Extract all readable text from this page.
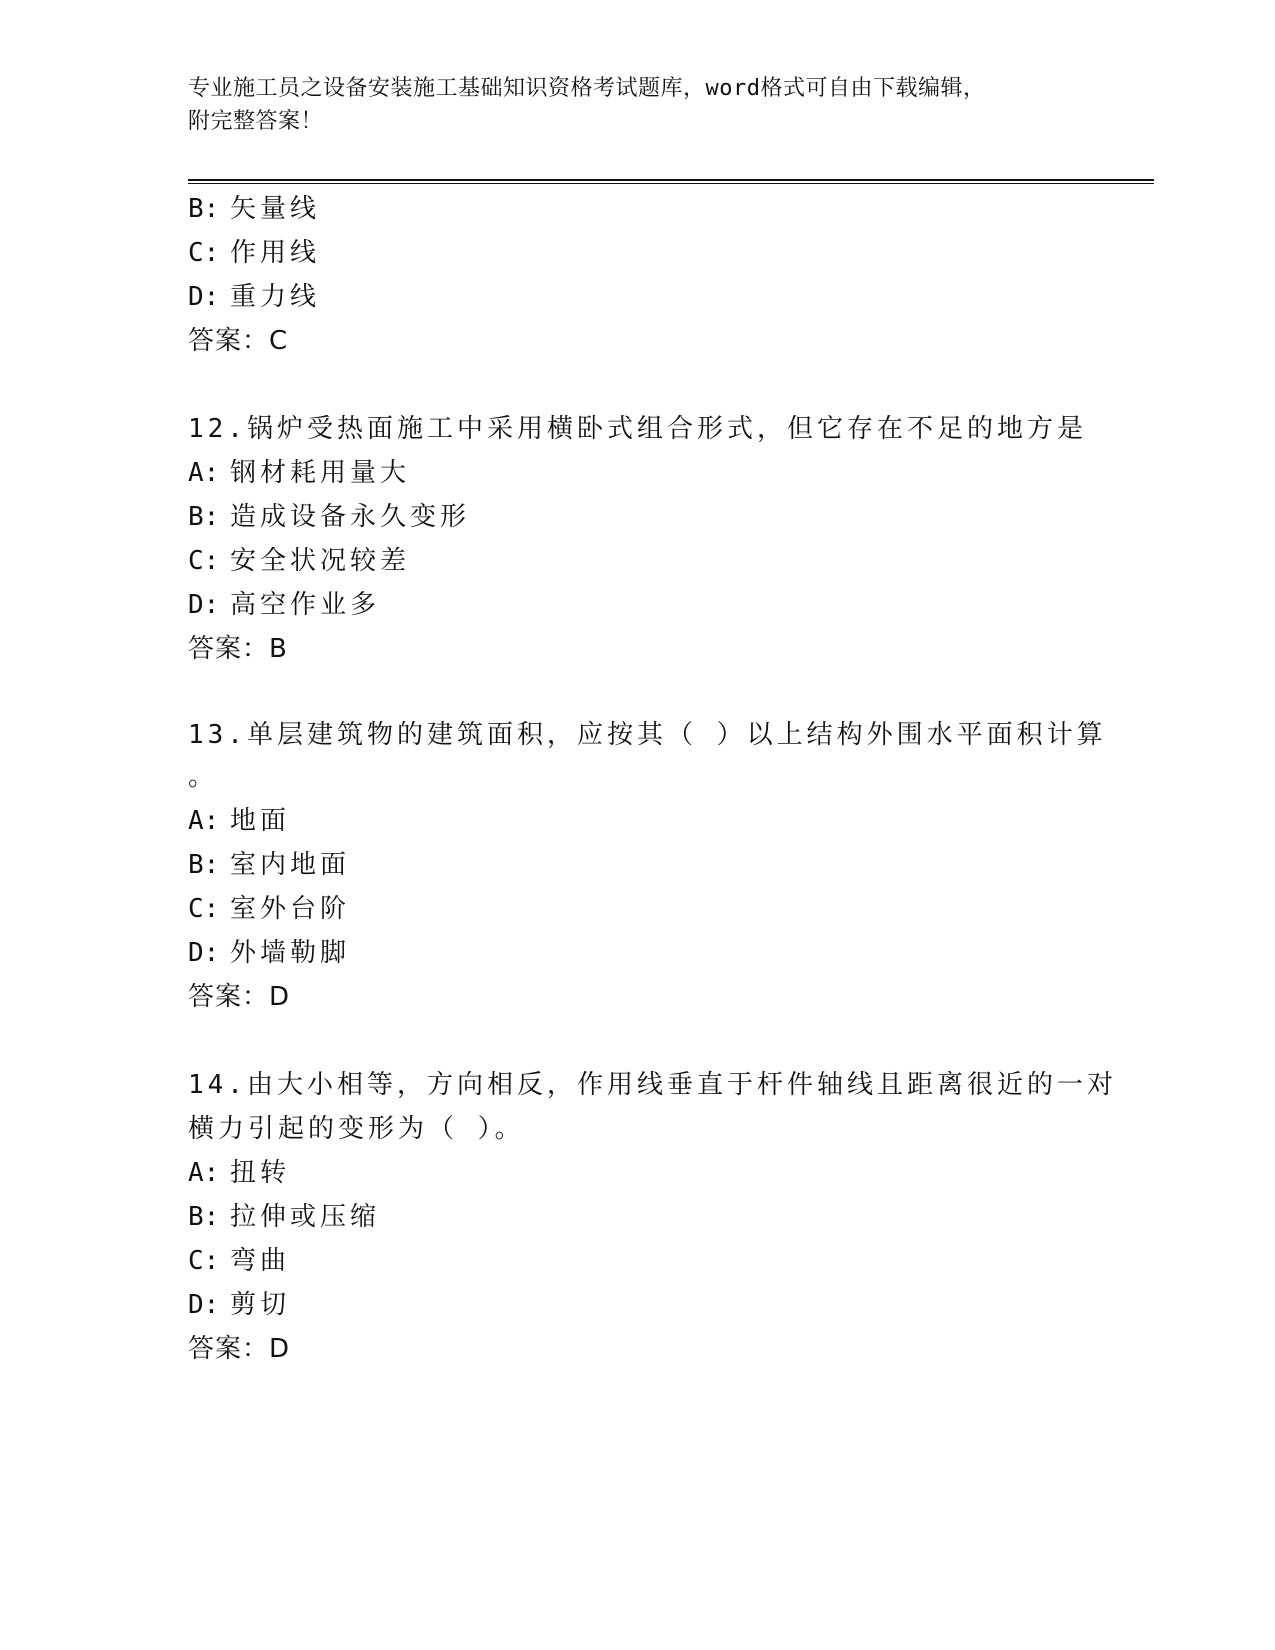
专业施工员之设备安装施工基础知识资格考试题库，word格式可自由下载编辑，
附完整答案！
B: 矢量线
C: 作用线
D: 重力线
答案：C
12.锅炉受热面施工中采用横卧式组合形式，但它存在不足的地方是
A: 钢材耗用量大
B: 造成设备永久变形
C: 安全状况较差
D: 高空作业多
答案：B
13.单层建筑物的建筑面积，应按其（ ）以上结构外围水平面积计算
。
A: 地面
B: 室内地面
C: 室外台阶
D: 外墙勒脚
答案：D
14.由大小相等，方向相反，作用线垂直于杆件轴线且距离很近的一对
横力引起的变形为（ ）。
A: 扭转
B: 拉伸或压缩
C: 弯曲
D: 剪切
答案：D
